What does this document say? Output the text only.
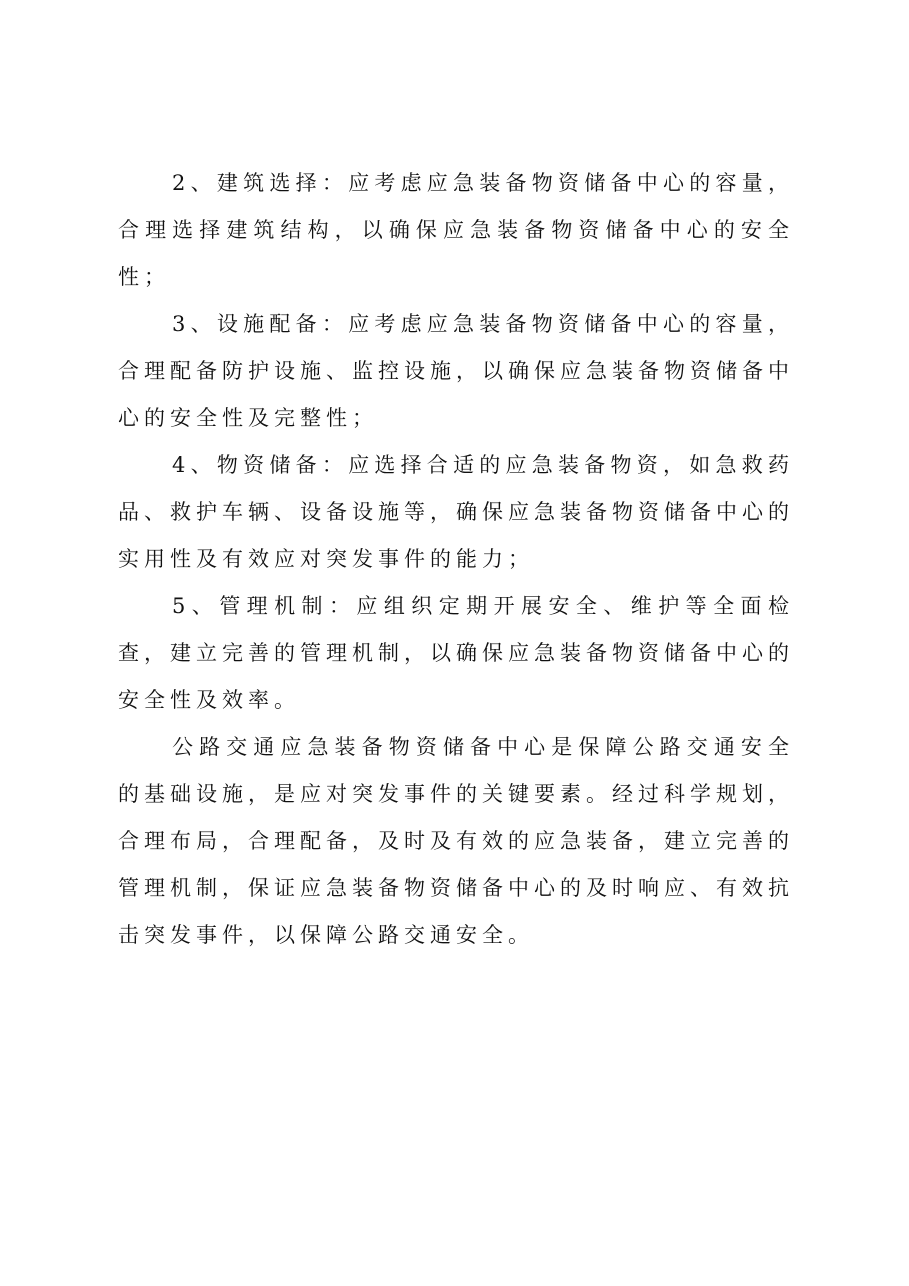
2、建筑选择：应考虑应急装备物资储备中心的容量，合理选择建筑结构，以确保应急装备物资储备中心的安全性；

3、设施配备：应考虑应急装备物资储备中心的容量，合理配备防护设施、监控设施，以确保应急装备物资储备中心的安全性及完整性；

4、物资储备：应选择合适的应急装备物资，如急救药品、救护车辆、设备设施等，确保应急装备物资储备中心的实用性及有效应对突发事件的能力；

5、管理机制：应组织定期开展安全、维护等全面检查，建立完善的管理机制，以确保应急装备物资储备中心的安全性及效率。

公路交通应急装备物资储备中心是保障公路交通安全的基础设施，是应对突发事件的关键要素。经过科学规划，合理布局，合理配备，及时及有效的应急装备，建立完善的管理机制，保证应急装备物资储备中心的及时响应、有效抗击突发事件，以保障公路交通安全。
